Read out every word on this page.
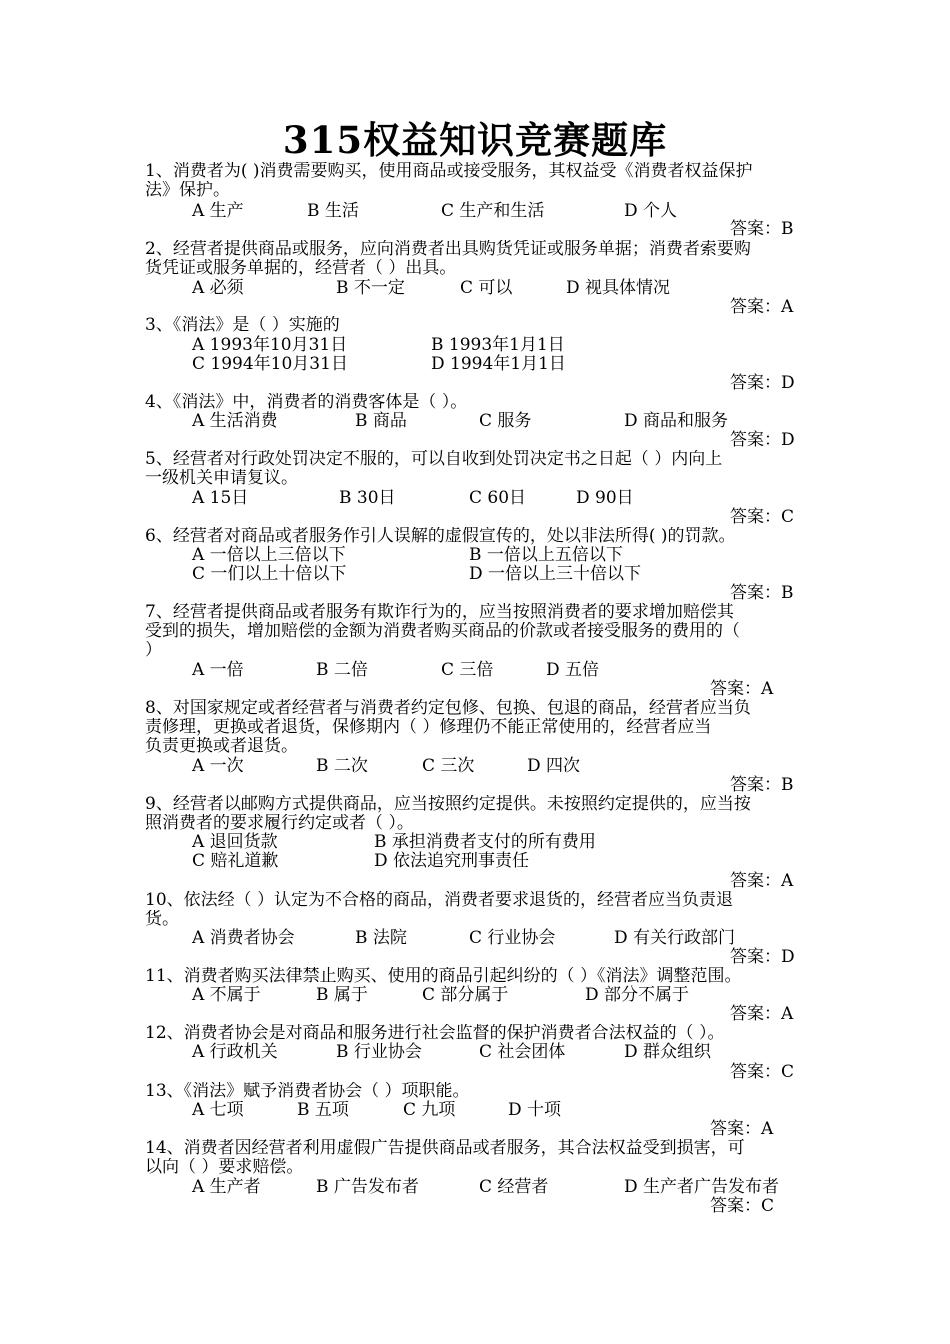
315权益知识竞赛题库
1、消费者为( )消费需要购买，使用商品或接受服务，其权益受《消费者权益保护
法》保护。
A 生产	B 生活	C 生产和生活	D 个人
答案：B
2、经营者提供商品或服务，应向消费者出具购货凭证或服务单据；消费者索要购
货凭证或服务单据的，经营者（ ）出具。
A 必须	B 不一定	C 可以	D 视具体情况
答案：A
3、《消法》是（ ）实施的
A 1993年10月31日	B 1993年1月1日
C 1994年10月31日	D 1994年1月1日
答案：D
4、《消法》中，消费者的消费客体是（ ）。
A 生活消费	B 商品	C 服务	D 商品和服务
答案：D
5、经营者对行政处罚决定不服的，可以自收到处罚决定书之日起（ ）内向上
一级机关申请复议。
A 15日	B 30日	C 60日	D 90日
答案：C
6、经营者对商品或者服务作引人误解的虚假宣传的，处以非法所得( )的罚款。
A 一倍以上三倍以下	B 一倍以上五倍以下
C 一们以上十倍以下	D 一倍以上三十倍以下
答案：B
7、经营者提供商品或者服务有欺诈行为的，应当按照消费者的要求增加赔偿其
受到的损失，增加赔偿的金额为消费者购买商品的价款或者接受服务的费用的（
）
A 一倍	B 二倍	C 三倍	D 五倍
答案：A
8、对国家规定或者经营者与消费者约定包修、包换、包退的商品，经营者应当负
责修理，更换或者退货，保修期内（ ）修理仍不能正常使用的，经营者应当
负责更换或者退货。
A 一次	B 二次	C 三次	D 四次
答案：B
9、经营者以邮购方式提供商品，应当按照约定提供。未按照约定提供的，应当按
照消费者的要求履行约定或者（ ）。
A 退回货款	B 承担消费者支付的所有费用
C 赔礼道歉	D 依法追究刑事责任
答案：A
10、依法经（ ）认定为不合格的商品，消费者要求退货的，经营者应当负责退
货。
A 消费者协会	B 法院	C 行业协会	D 有关行政部门
答案：D
11、消费者购买法律禁止购买、使用的商品引起纠纷的（ ）《消法》调整范围。
A 不属于	B 属于	C 部分属于	D 部分不属于
答案：A
12、消费者协会是对商品和服务进行社会监督的保护消费者合法权益的（ ）。
A 行政机关	B 行业协会	C 社会团体	D 群众组织
答案：C
13、《消法》赋予消费者协会（ ）项职能。
A 七项	B 五项	C 九项	D 十项
答案：A
14、消费者因经营者利用虚假广告提供商品或者服务，其合法权益受到损害，可
以向（ ）要求赔偿。
A 生产者	B 广告发布者	C 经营者	D 生产者广告发布者
答案：C
